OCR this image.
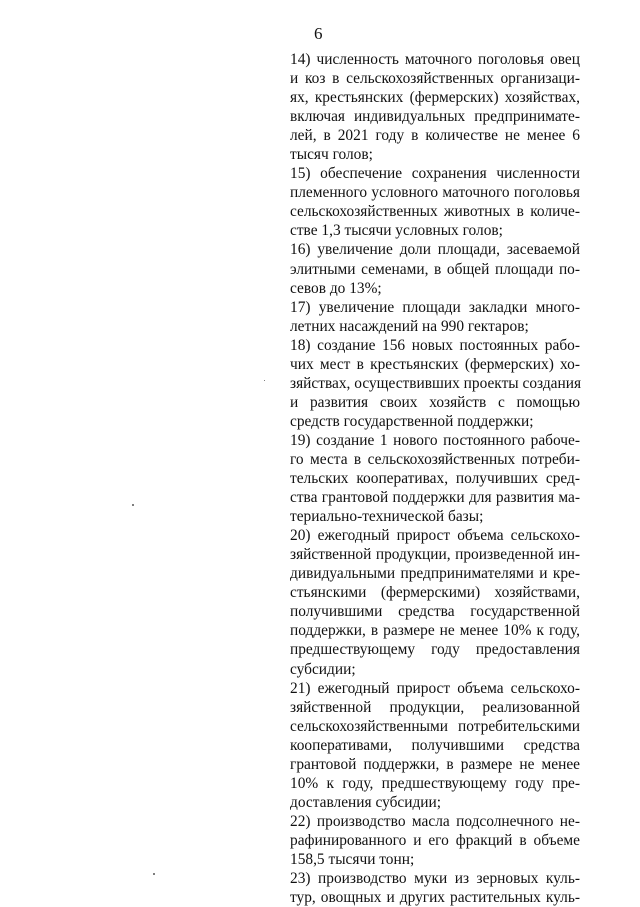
6
14) численность маточного поголовья овец
и коз в сельскохозяйственных организаци-
ях, крестьянских (фермерских) хозяйствах,
включая индивидуальных предпринимате-
лей, в 2021 году в количестве не менее 6
тысяч голов;
15) обеспечение сохранения численности
племенного условного маточного поголовья
сельскохозяйственных животных в количе-
стве 1,3 тысячи условных голов;
16) увеличение доли площади, засеваемой
элитными семенами, в общей площади по-
севов до 13%;
17) увеличение площади закладки много-
летних насаждений на 990 гектаров;
18) создание 156 новых постоянных рабо-
чих мест в крестьянских (фермерских) хо-
зяйствах, осуществивших проекты создания
и развития своих хозяйств с помощью
средств государственной поддержки;
19) создание 1 нового постоянного рабоче-
го места в сельскохозяйственных потреби-
тельских кооперативах, получивших сред-
ства грантовой поддержки для развития ма-
териально-технической базы;
20) ежегодный прирост объема сельскохо-
зяйственной продукции, произведенной ин-
дивидуальными предпринимателями и кре-
стьянскими (фермерскими) хозяйствами,
получившими средства государственной
поддержки, в размере не менее 10% к году,
предшествующему году предоставления
субсидии;
21) ежегодный прирост объема сельскохо-
зяйственной продукции, реализованной
сельскохозяйственными потребительскими
кооперативами, получившими средства
грантовой поддержки, в размере не менее
10% к году, предшествующему году пре-
доставления субсидии;
22) производство масла подсолнечного не-
рафинированного и его фракций в объеме
158,5 тысячи тонн;
23) производство муки из зерновых куль-
тур, овощных и других растительных куль-
